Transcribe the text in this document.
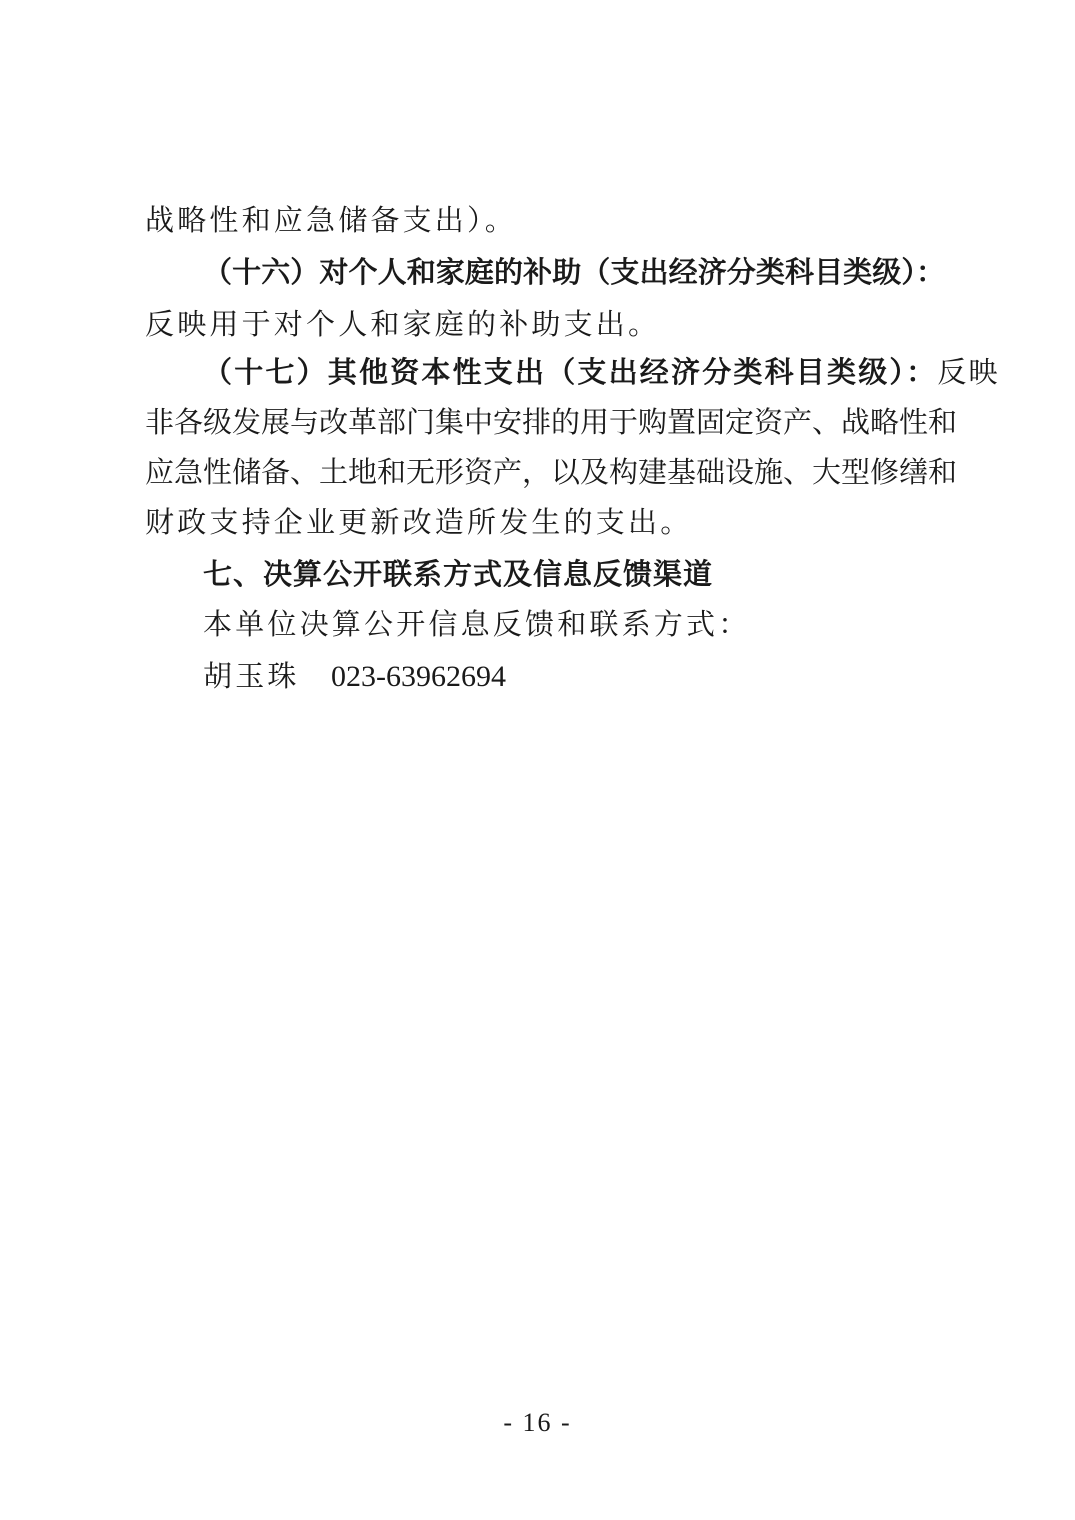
战略性和应急储备支出）。
（十六）对个人和家庭的补助（支出经济分类科目类级）：
反映用于对个人和家庭的补助支出。
（十七）其他资本性支出（支出经济分类科目类级）：反映
非各级发展与改革部门集中安排的用于购置固定资产、战略性和
应急性储备、土地和无形资产，以及构建基础设施、大型修缮和
财政支持企业更新改造所发生的支出。
七、决算公开联系方式及信息反馈渠道
本单位决算公开信息反馈和联系方式：
胡玉珠 023-63962694
- 16 -
